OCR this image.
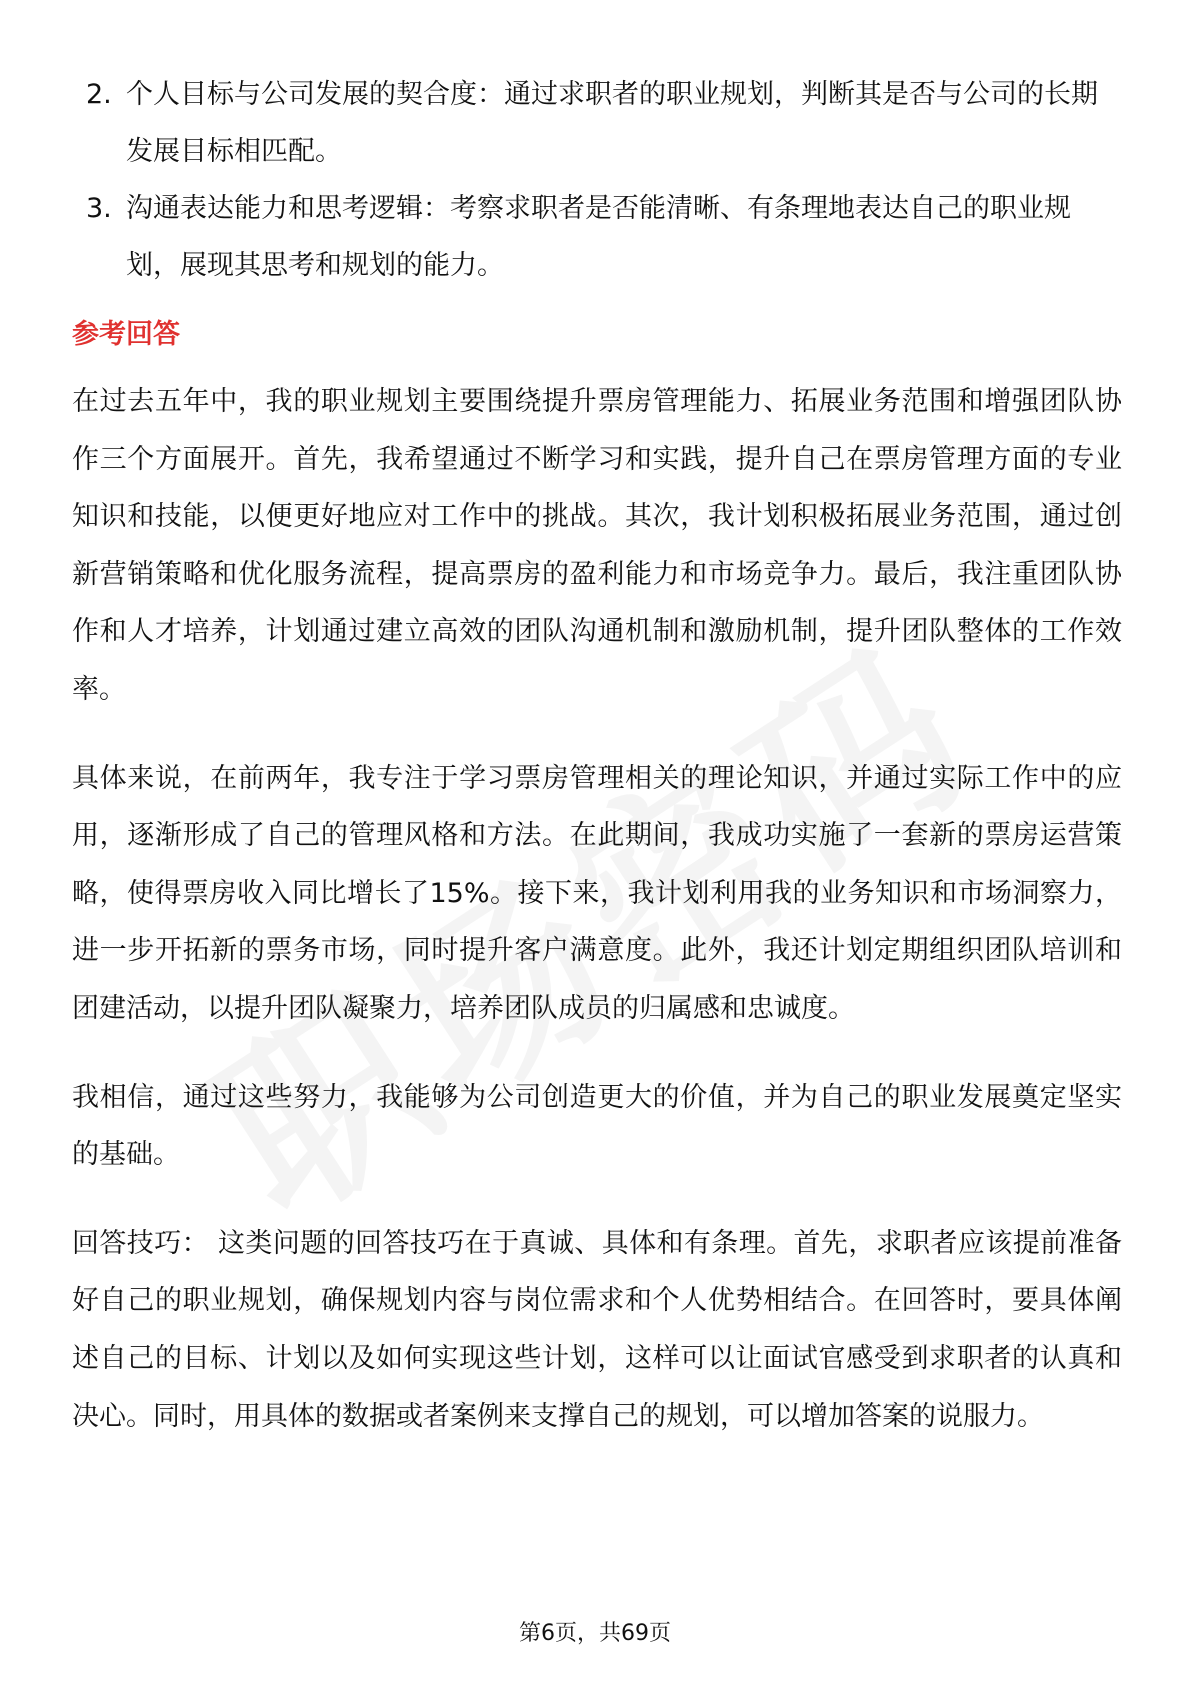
2. 个人目标与公司发展的契合度：通过求职者的职业规划，判断其是否与公司的长期发展目标相匹配。
3. 沟通表达能力和思考逻辑：考察求职者是否能清晰、有条理地表达自己的职业规划，展现其思考和规划的能力。
参考回答

在过去五年中，我的职业规划主要围绕提升票房管理能力、拓展业务范围和增强团队协作三个方面展开。首先，我希望通过不断学习和实践，提升自己在票房管理方面的专业知识和技能，以便更好地应对工作中的挑战。其次，我计划积极拓展业务范围，通过创新营销策略和优化服务流程，提高票房的盈利能力和市场竞争力。最后，我注重团队协作和人才培养，计划通过建立高效的团队沟通机制和激励机制，提升团队整体的工作效率。

具体来说，在前两年，我专注于学习票房管理相关的理论知识，并通过实际工作中的应用，逐渐形成了自己的管理风格和方法。在此期间，我成功实施了一套新的票房运营策略，使得票房收入同比增长了15%。接下来，我计划利用我的业务知识和市场洞察力，进一步开拓新的票务市场，同时提升客户满意度。此外，我还计划定期组织团队培训和团建活动，以提升团队凝聚力，培养团队成员的归属感和忠诚度。

我相信，通过这些努力，我能够为公司创造更大的价值，并为自己的职业发展奠定坚实的基础。

回答技巧： 这类问题的回答技巧在于真诚、具体和有条理。首先，求职者应该提前准备好自己的职业规划，确保规划内容与岗位需求和个人优势相结合。在回答时，要具体阐述自己的目标、计划以及如何实现这些计划，这样可以让面试官感受到求职者的认真和决心。同时，用具体的数据或者案例来支撑自己的规划，可以增加答案的说服力。

第6页，共69页
